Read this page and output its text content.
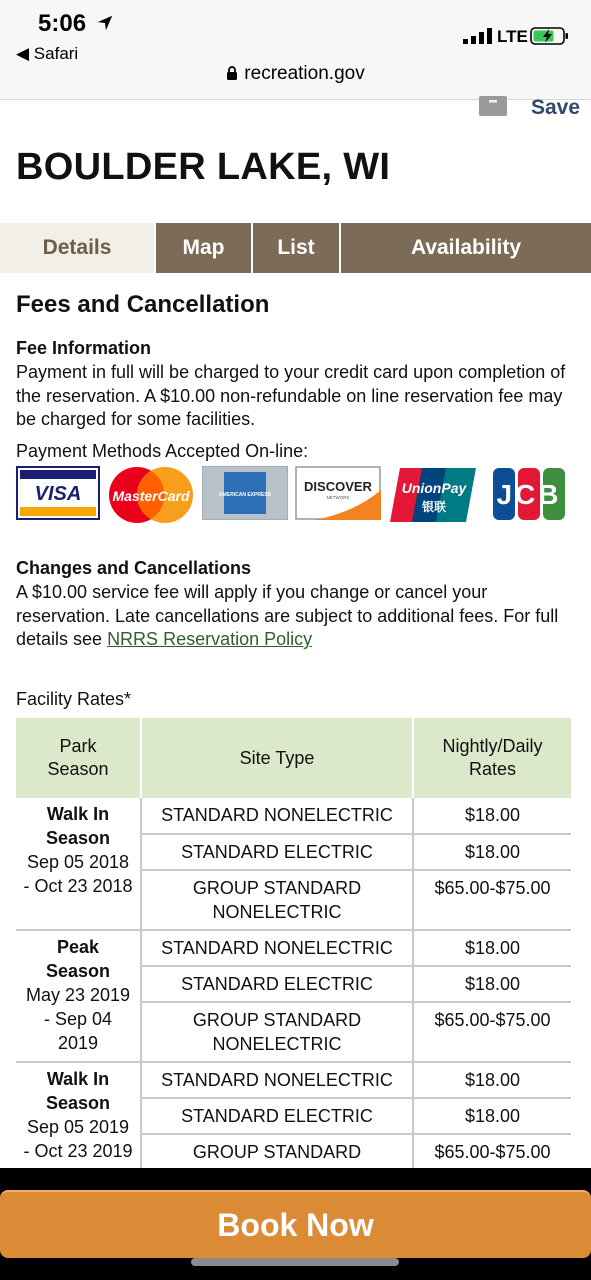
5:06
◀ Safari
LTE
recreation.gov
Save
BOULDER LAKE, WI
Details	Map	List	Availability
Fees and Cancellation
Fee Information

Payment in full will be charged to your credit card upon completion of the reservation. A $10.00 non-refundable on line reservation fee may be charged for some facilities.

Payment Methods Accepted On-line:

VISA MasterCard	AMERICAN EXPRESS
DISCOVER
NETWORK
UnionPay
银联 JCB
Changes and Cancellations

A $10.00 service fee will apply if you change or cancel your reservation. Late cancellations are subject to additional fees. For full details see NRRS Reservation Policy

Facility Rates*

Park Season	Site Type	Nightly/Daily Rates

Walk In Season
Sep 05 2018 - Oct 23 2018	STANDARD NONELECTRIC	$18.00
	STANDARD ELECTRIC	$18.00
	GROUP STANDARD NONELECTRIC	$65.00-$75.00

Peak Season
May 23 2019 - Sep 04 2019	STANDARD NONELECTRIC	$18.00
	STANDARD ELECTRIC	$18.00
	GROUP STANDARD NONELECTRIC	$65.00-$75.00

Walk In Season
Sep 05 2019 - Oct 23 2019	STANDARD NONELECTRIC	$18.00
	STANDARD ELECTRIC	$18.00
	GROUP STANDARD	$65.00-$75.00
Book Now
